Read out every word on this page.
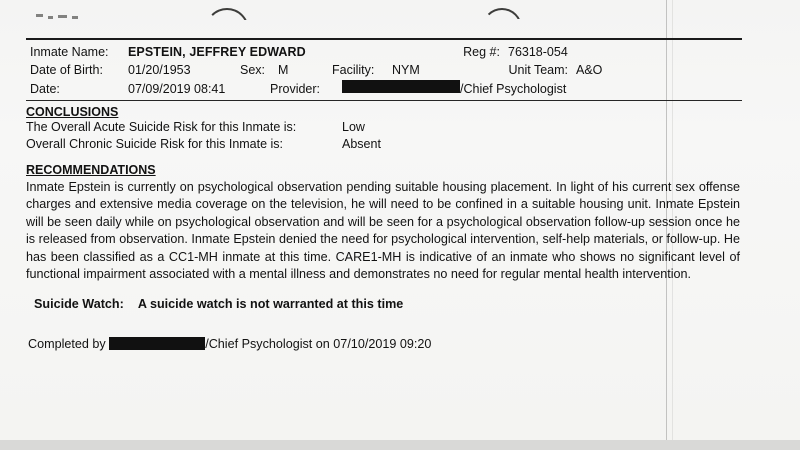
Inmate Name:	EPSTEIN, JEFFREY EDWARD	Reg #: 76318-054
Date of Birth:	01/20/1953	Sex:	M	Facility:	NYM	Unit Team: A&O
Date:	07/09/2019 08:41	Provider:	/Chief Psychologist
CONCLUSIONS
The Overall Acute Suicide Risk for this Inmate is:	Low
Overall Chronic Suicide Risk for this Inmate is:	Absent
RECOMMENDATIONS
Inmate Epstein is currently on psychological observation pending suitable housing placement. In light of his current sex offense charges and extensive media coverage on the television, he will need to be confined in a suitable housing unit. Inmate Epstein will be seen daily while on psychological observation and will be seen for a psychological observation follow-up session once he is released from observation. Inmate Epstein denied the need for psychological intervention, self-help materials, or follow-up. He has been classified as a CC1-MH inmate at this time. CARE1-MH is indicative of an inmate who shows no significant level of functional impairment associated with a mental illness and demonstrates no need for regular mental health intervention.
Suicide Watch: A suicide watch is not warranted at this time
Completed by	/Chief Psychologist on 07/10/2019 09:20
